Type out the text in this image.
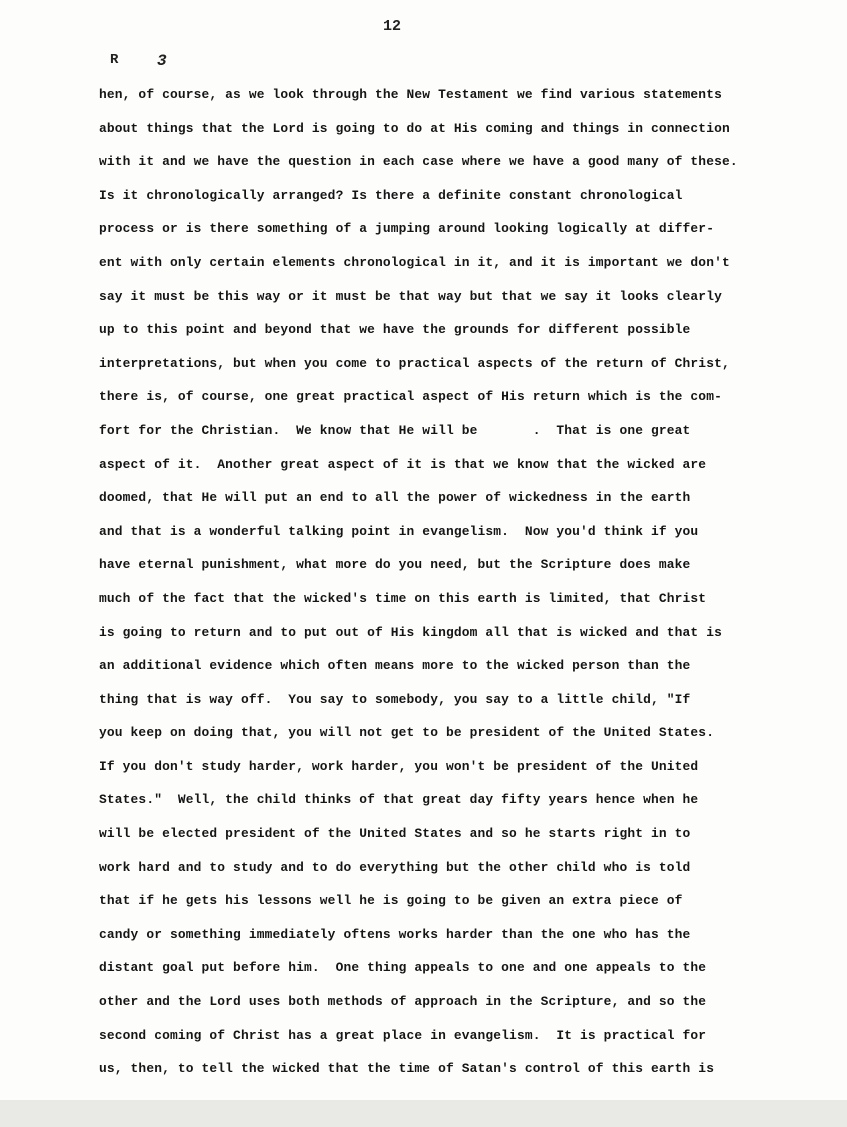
12
R 3
hen, of course, as we look through the New Testament we find various statements
about things that the Lord is going to do at His coming and things in connection
with it and we have the question in each case where we have a good many of these.
Is it chronologically arranged? Is there a definite constant chronological
process or is there something of a jumping around looking logically at differ-
ent with only certain elements chronological in it, and it is important we don't
say it must be this way or it must be that way but that we say it looks clearly
up to this point and beyond that we have the grounds for different possible
interpretations, but when you come to practical aspects of the return of Christ,
there is, of course, one great practical aspect of His return which is the com-
fort for the Christian.  We know that He will be       .  That is one great
aspect of it.  Another great aspect of it is that we know that the wicked are
doomed, that He will put an end to all the power of wickedness in the earth
and that is a wonderful talking point in evangelism.  Now you'd think if you
have eternal punishment, what more do you need, but the Scripture does make
much of the fact that the wicked's time on this earth is limited, that Christ
is going to return and to put out of His kingdom all that is wicked and that is
an additional evidence which often means more to the wicked person than the
thing that is way off.  You say to somebody, you say to a little child, "If
you keep on doing that, you will not get to be president of the United States.
If you don't study harder, work harder, you won't be president of the United
States."  Well, the child thinks of that great day fifty years hence when he
will be elected president of the United States and so he starts right in to
work hard and to study and to do everything but the other child who is told
that if he gets his lessons well he is going to be given an extra piece of
candy or something immediately oftens works harder than the one who has the
distant goal put before him.  One thing appeals to one and one appeals to the
other and the Lord uses both methods of approach in the Scripture, and so the
second coming of Christ has a great place in evangelism.  It is practical for
us, then, to tell the wicked that the time of Satan's control of this earth is
